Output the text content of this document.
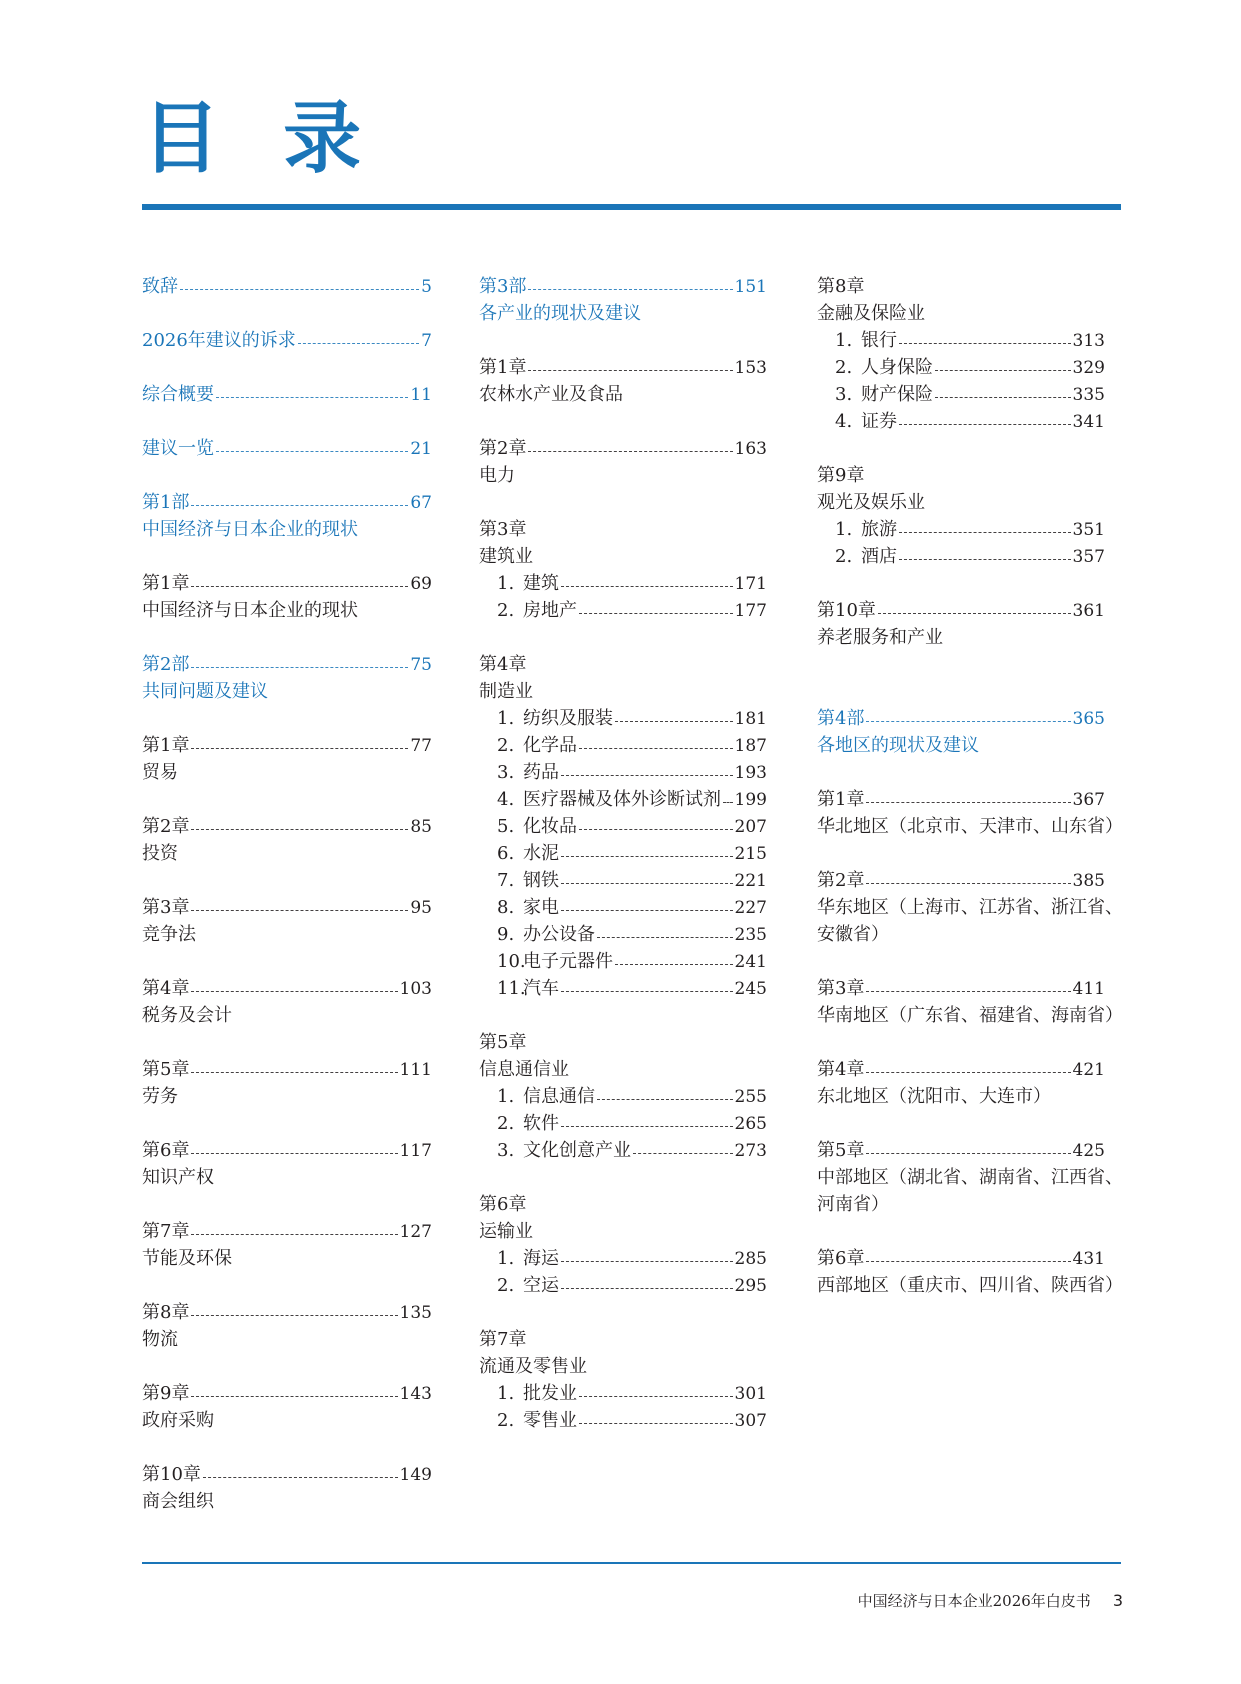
目 录
致辞	5
2026年建议的诉求	7
综合概要	11
建议一览	21
第1部	67
中国经济与日本企业的现状
第1章	69
中国经济与日本企业的现状
第2部	75
共同问题及建议
第1章	77
贸易
第2章	85
投资
第3章	95
竞争法
第4章	103
税务及会计
第5章	111
劳务
第6章	117
知识产权
第7章	127
节能及环保
第8章	135
物流
第9章	143
政府采购
第10章	149
商会组织
第3部	151
各产业的现状及建议
第1章	153
农林水产业及食品
第2章	163
电力
第3章
建筑业
1. 建筑	171
2. 房地产	177
第4章
制造业
1. 纺织及服装	181
2. 化学品	187
3. 药品	193
4. 医疗器械及体外诊断试剂 199
5. 化妆品	207
6. 水泥	215
7. 钢铁	221
8. 家电	227
9. 办公设备	235
10.
电子元器件	241
11.
汽车	245
第5章
信息通信业
1. 信息通信	255
2. 软件	265
3. 文化创意产业	273
第6章
运输业
1. 海运	285
2. 空运	295
第7章
流通及零售业
1. 批发业	301
2. 零售业	307
第8章
金融及保险业
1. 银行	313
2. 人身保险	329
3. 财产保险	335
4. 证券	341
第9章
观光及娱乐业
1. 旅游	351
2. 酒店	357
第10章	361
养老服务和产业
第4部	365
各地区的现状及建议
第1章	367
华北地区（北京市、天津市、山东省）
第2章	385
华东地区（上海市、江苏省、浙江省、
安徽省）
第3章	411
华南地区（广东省、福建省、海南省）
第4章	421
东北地区（沈阳市、大连市）
第5章	425
中部地区（湖北省、湖南省、江西省、
河南省）
第6章	431
西部地区（重庆市、四川省、陕西省）
中国经济与日本企业2026年白皮书 3
